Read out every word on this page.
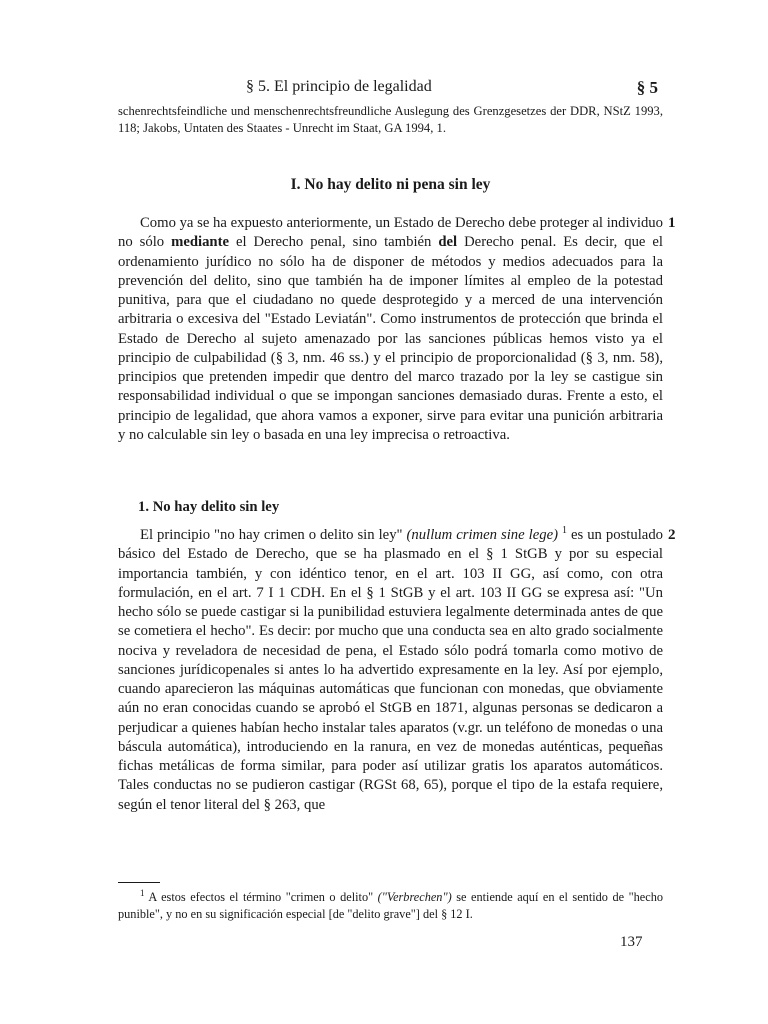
§ 5. El principio de legalidad	§ 5

schenrechtsfeindliche und menschenrechtsfreundliche Auslegung des Grenzgesetzes der DDR, NStZ 1993, 118; Jakobs, Untaten des Staates - Unrecht im Staat, GA 1994, 1.

I. No hay delito ni pena sin ley
1

Como ya se ha expuesto anteriormente, un Estado de Derecho debe proteger al individuo no sólo mediante el Derecho penal, sino también del Derecho penal. Es decir, que el ordenamiento jurídico no sólo ha de disponer de métodos y medios adecuados para la prevención del delito, sino que también ha de imponer límites al empleo de la potestad punitiva, para que el ciudadano no quede desprotegido y a merced de una intervención arbitraria o excesiva del "Estado Leviatán". Como instrumentos de protección que brinda el Estado de Derecho al sujeto amenazado por las sanciones públicas hemos visto ya el principio de culpabilidad (§ 3, nm. 46 ss.) y el principio de proporcionalidad (§ 3, nm. 58), principios que pretenden impedir que dentro del marco trazado por la ley se castigue sin responsabilidad individual o que se impongan sanciones demasiado duras. Frente a esto, el principio de legalidad, que ahora vamos a exponer, sirve para evitar una punición arbitraria y no calculable sin ley o basada en una ley imprecisa o retroactiva.

1. No hay delito sin ley
2

El principio "no hay crimen o delito sin ley" (nullum crimen sine lege) $^1$ es un postulado básico del Estado de Derecho, que se ha plasmado en el § 1 StGB y por su especial importancia también, y con idéntico tenor, en el art. 103 II GG, así como, con otra formulación, en el art. 7 I 1 CDH. En el § 1 StGB y el art. 103 II GG se expresa así: "Un hecho sólo se puede castigar si la punibilidad estuviera legalmente determinada antes de que se cometiera el hecho". Es decir: por mucho que una conducta sea en alto grado socialmente nociva y reveladora de necesidad de pena, el Estado sólo podrá tomarla como motivo de sanciones jurídicopenales si antes lo ha advertido expresamente en la ley. Así por ejemplo, cuando aparecieron las máquinas automáticas que funcionan con monedas, que obviamente aún no eran conocidas cuando se aprobó el StGB en 1871, algunas personas se dedicaron a perjudicar a quienes habían hecho instalar tales aparatos (v.gr. un teléfono de monedas o una báscula automática), introduciendo en la ranura, en vez de monedas auténticas, pequeñas fichas metálicas de forma similar, para poder así utilizar gratis los aparatos automáticos. Tales conductas no se pudieron castigar (RGSt 68, 65), porque el tipo de la estafa requiere, según el tenor literal del § 263, que

$^1$ A estos efectos el término "crimen o delito" ("Verbrechen") se entiende aquí en el sentido de "hecho punible", y no en su significación especial [de "delito grave"] del § 12 I.

137
